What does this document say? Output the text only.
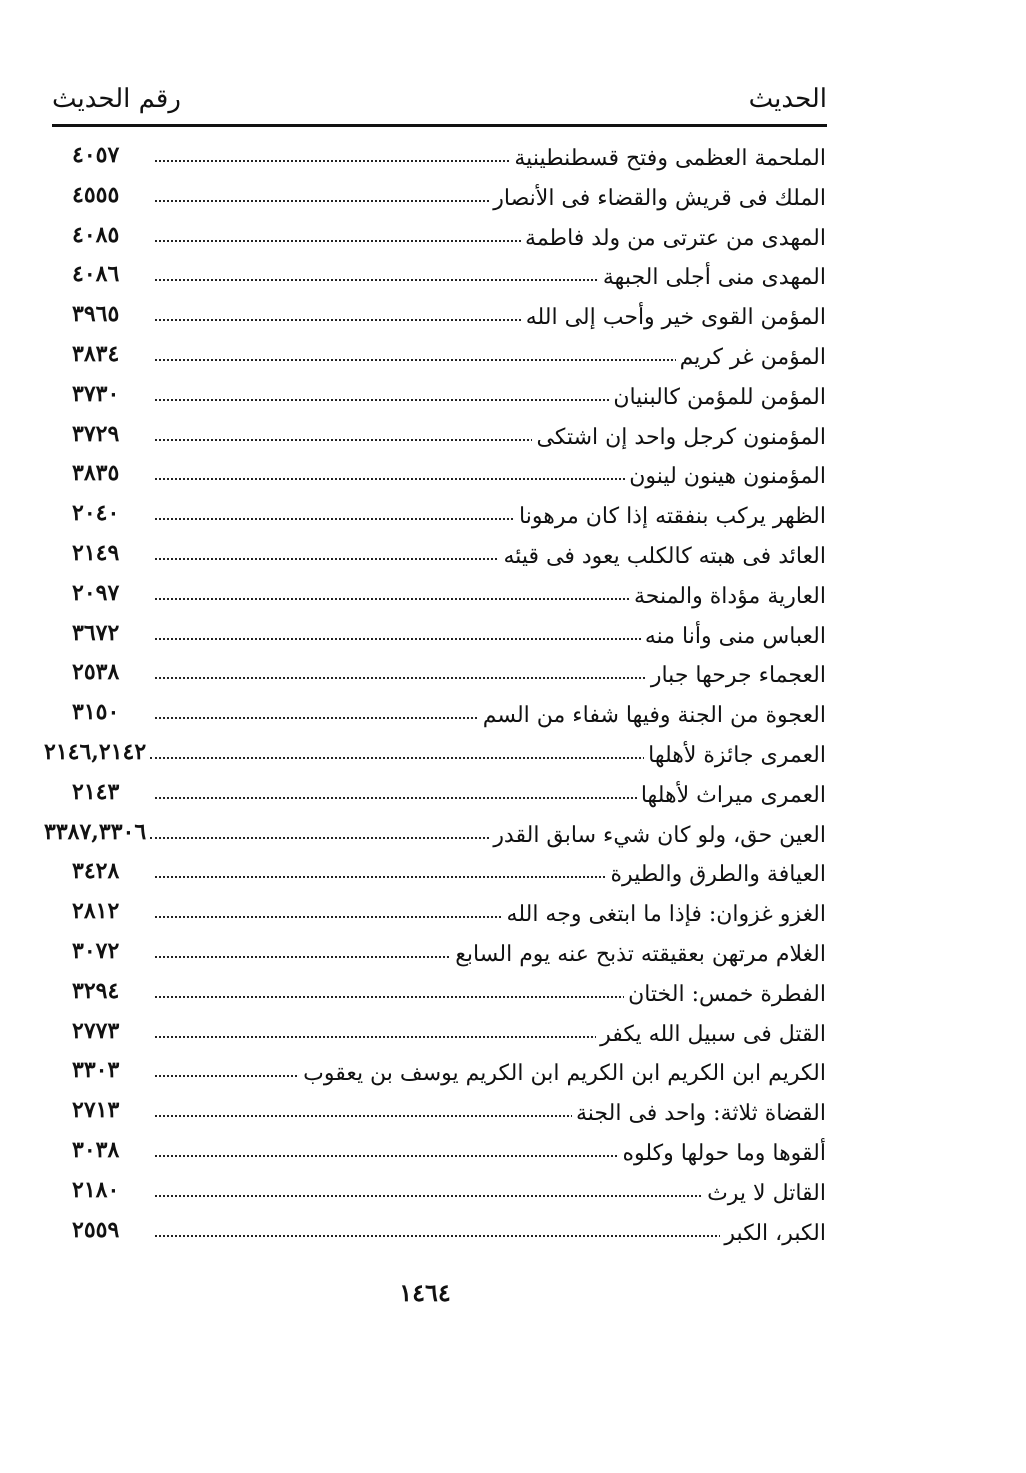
الحديث
رقم الحديث
الملحمة العظمى وفتح قسطنطينية
٤٠٥٧
الملك فى قريش والقضاء فى الأنصار
٤٥٥٥
المهدى من عترتى من ولد فاطمة
٤٠٨٥
المهدى منى أجلى الجبهة
٤٠٨٦
المؤمن القوى خير وأحب إلى الله
٣٩٦٥
المؤمن غر كريم
٣٨٣٤
المؤمن للمؤمن كالبنيان
٣٧٣٠
المؤمنون كرجل واحد إن اشتكى
٣٧٢٩
المؤمنون هينون لينون
٣٨٣٥
الظهر يركب بنفقته إذا كان مرهونا
٢٠٤٠
العائد فى هبته كالكلب يعود فى قيئه
٢١٤٩
العارية مؤداة والمنحة
٢٠٩٧
العباس منى وأنا منه
٣٦٧٢
العجماء جرحها جبار
٢٥٣٨
العجوة من الجنة وفيها شفاء من السم
٣١٥٠
العمرى جائزة لأهلها
٢١٤٦,٢١٤٢
العمرى ميراث لأهلها
٢١٤٣
العين حق، ولو كان شيء سابق القدر
٣٣٨٧,٣٣٠٦
العيافة والطرق والطيرة
٣٤٢٨
الغزو غزوان: فإذا ما ابتغى وجه الله
٢٨١٢
الغلام مرتهن بعقيقته تذبح عنه يوم السابع
٣٠٧٢
الفطرة خمس: الختان
٣٢٩٤
القتل فى سبيل الله يكفر
٢٧٧٣
الكريم ابن الكريم ابن الكريم ابن الكريم يوسف بن يعقوب
٣٣٠٣
القضاة ثلاثة: واحد فى الجنة
٢٧١٣
ألقوها وما حولها وكلوه
٣٠٣٨
القاتل لا يرث
٢١٨٠
الكبر، الكبر
٢٥٥٩
١٤٦٤
